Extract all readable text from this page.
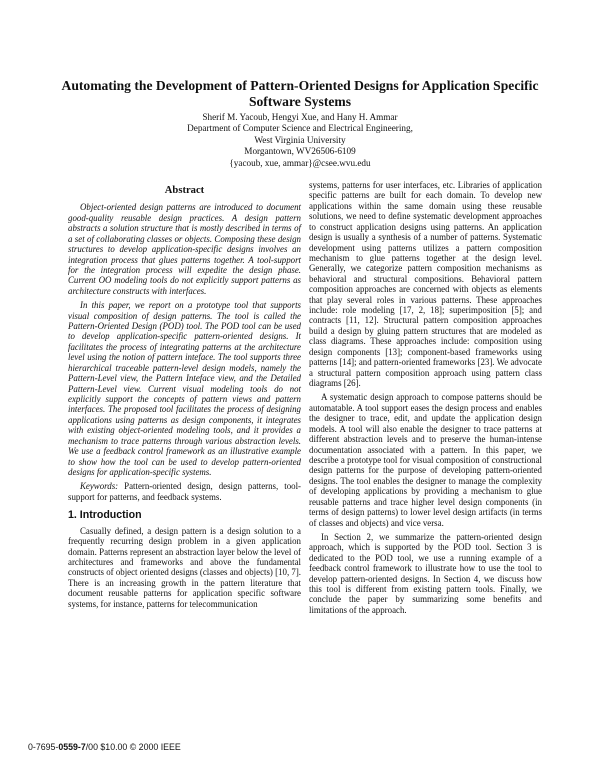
Automating the Development of Pattern-Oriented Designs for Application Specific Software Systems
Sherif M. Yacoub, Hengyi Xue, and Hany H. Ammar
Department of Computer Science and Electrical Engineering,
West Virginia University
Morgantown, WV26506-6109
{yacoub, xue, ammar}@csee.wvu.edu
Abstract

Object-oriented design patterns are introduced to document good-quality reusable design practices. A design pattern abstracts a solution structure that is mostly described in terms of a set of collaborating classes or objects. Composing these design structures to develop application-specific designs involves an integration process that glues patterns together. A tool-support for the integration process will expedite the design phase. Current OO modeling tools do not explicitly support patterns as architecture constructs with interfaces.

In this paper, we report on a prototype tool that supports visual composition of design patterns. The tool is called the Pattern-Oriented Design (POD) tool. The POD tool can be used to develop application-specific pattern-oriented designs. It facilitates the process of integrating patterns at the architecture level using the notion of pattern inteface. The tool supports three hierarchical traceable pattern-level design models, namely the Pattern-Level view, the Pattern Inteface view, and the Detailed Pattern-Level view. Current visual modeling tools do not explicitly support the concepts of pattern views and pattern interfaces. The proposed tool facilitates the process of designing applications using patterns as design components, it integrates with existing object-oriented modeling tools, and it provides a mechanism to trace patterns through various abstraction levels. We use a feedback control framework as an illustrative example to show how the tool can be used to develop pattern-oriented designs for application-specific systems.

Keywords: Pattern-oriented design, design patterns, tool-support for patterns, and feedback systems.

1. Introduction

Casually defined, a design pattern is a design solution to a frequently recurring design problem in a given application domain. Patterns represent an abstraction layer below the level of architectures and frameworks and above the fundamental constructs of object oriented designs (classes and objects) [10, 7]. There is an increasing growth in the pattern literature that document reusable patterns for application specific software systems, for instance, patterns for telecommunication

systems, patterns for user interfaces, etc. Libraries of application specific patterns are built for each domain. To develop new applications within the same domain using these reusable solutions, we need to define systematic development approaches to construct application designs using patterns. An application design is usually a synthesis of a number of patterns. Systematic development using patterns utilizes a pattern composition mechanism to glue patterns together at the design level. Generally, we categorize pattern composition mechanisms as behavioral and structural compositions. Behavioral pattern composition approaches are concerned with objects as elements that play several roles in various patterns. These approaches include: role modeling [17, 2, 18]; superimposition [5]; and contracts [11, 12]. Structural pattern composition approaches build a design by gluing pattern structures that are modeled as class diagrams. These approaches include: composition using design components [13]; component-based frameworks using patterns [14]; and pattern-oriented frameworks [23]. We advocate a structural pattern composition approach using pattern class diagrams [26].

A systematic design approach to compose patterns should be automatable. A tool support eases the design process and enables the designer to trace, edit, and update the application design models. A tool will also enable the designer to trace patterns at different abstraction levels and to preserve the human-intense documentation associated with a pattern. In this paper, we describe a prototype tool for visual composition of constructional design patterns for the purpose of developing pattern-oriented designs. The tool enables the designer to manage the complexity of developing applications by providing a mechanism to glue reusable patterns and trace higher level design components (in terms of design patterns) to lower level design artifacts (in terms of classes and objects) and vice versa.

In Section 2, we summarize the pattern-oriented design approach, which is supported by the POD tool. Section 3 is dedicated to the POD tool, we use a running example of a feedback control framework to illustrate how to use the tool to develop pattern-oriented designs. In Section 4, we discuss how this tool is different from existing pattern tools. Finally, we conclude the paper by summarizing some benefits and limitations of the approach.

0-7695-0559-7/00 $10.00 © 2000 IEEE
